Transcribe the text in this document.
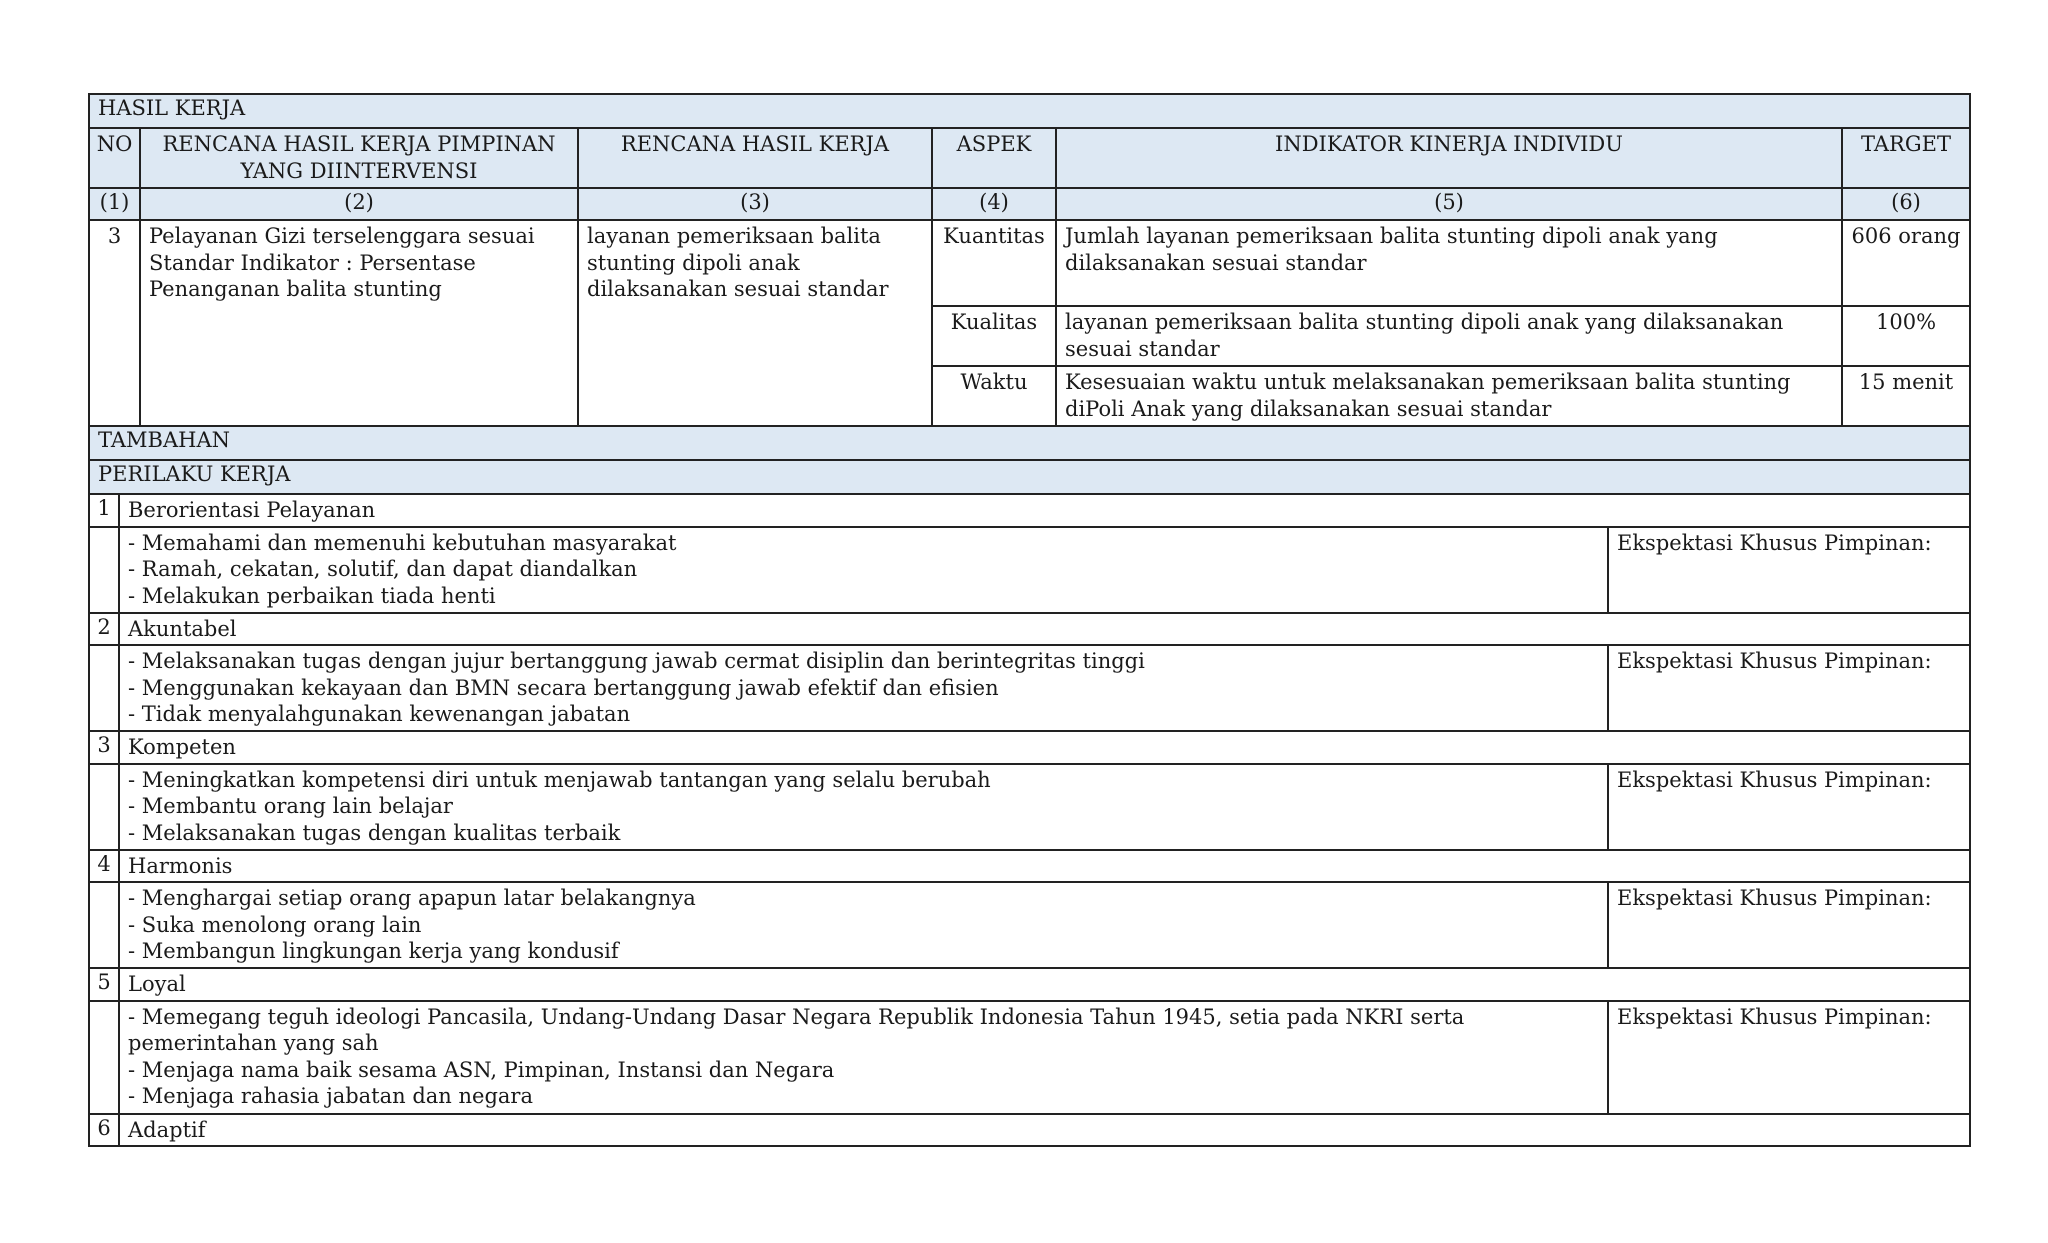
HASIL KERJA					
NO	RENCANA HASIL KERJA PIMPINAN YANG DIINTERVENSI	RENCANA HASIL KERJA	ASPEK	INDIKATOR KINERJA INDIVIDU	TARGET
(1)	(2)	(3)	(4)	(5)	(6)
3	Pelayanan Gizi terselenggara sesuai Standar Indikator : Persentase Penanganan balita stunting	layanan pemeriksaan balita stunting dipoli anak dilaksanakan sesuai standar	Kuantitas	Jumlah layanan pemeriksaan balita stunting dipoli anak yang dilaksanakan sesuai standar	606 orang
			Kualitas	layanan pemeriksaan balita stunting dipoli anak yang dilaksanakan sesuai standar	100%
			Waktu	Kesesuaian waktu untuk melaksanakan pemeriksaan balita stunting diPoli Anak yang dilaksanakan sesuai standar	15 menit
TAMBAHAN					
PERILAKU KERJA		
1	Berorientasi Pelayanan	

	- Memahami dan memenuhi kebutuhan masyarakat
- Ramah, cekatan, solutif, dan dapat diandalkan
- Melakukan perbaikan tiada henti	Ekspektasi Khusus Pimpinan:
2	Akuntabel	

	- Melaksanakan tugas dengan jujur bertanggung jawab cermat disiplin dan berintegritas tinggi
- Menggunakan kekayaan dan BMN secara bertanggung jawab efektif dan efisien
- Tidak menyalahgunakan kewenangan jabatan	Ekspektasi Khusus Pimpinan:
3	Kompeten	

	- Meningkatkan kompetensi diri untuk menjawab tantangan yang selalu berubah
- Membantu orang lain belajar
- Melaksanakan tugas dengan kualitas terbaik	Ekspektasi Khusus Pimpinan:
4	Harmonis	

	- Menghargai setiap orang apapun latar belakangnya
- Suka menolong orang lain
- Membangun lingkungan kerja yang kondusif	Ekspektasi Khusus Pimpinan:
5	Loyal	

	- Memegang teguh ideologi Pancasila, Undang-Undang Dasar Negara Republik Indonesia Tahun 1945, setia pada NKRI serta pemerintahan yang sah
- Menjaga nama baik sesama ASN, Pimpinan, Instansi dan Negara
- Menjaga rahasia jabatan dan negara	Ekspektasi Khusus Pimpinan:
6	Adaptif	
